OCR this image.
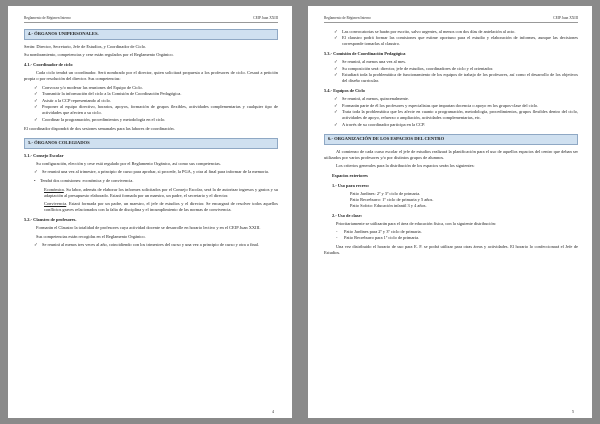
Reglamento de Régimen Interno	CEIP Juan XXIII
4.- ÓRGANOS UNIPERSONALES.
Serán: Director, Secretario, Jefe de Estudios, y Coordinador de Ciclo.
Su nombramiento, competencias y cese están regulados por el Reglamento Orgánico.
4.1.- Coordinador de ciclo
Cada ciclo tendrá un coordinador. Será nombrado por el director, quien solicitará propuesta a los profesores de ciclo. Cesará a petición propia o por resolución del director. Sus competencias:
✓ Convocar y/o moderar las reuniones del Equipo de Ciclo.
✓ Transmitir la información del ciclo a la Comisión de Coordinación Pedagógica.
✓ Asistir a la CCP representando al ciclo.
✓ Proponer al equipo directivo, horarios, apoyos, formación de grupos flexibles, actividades complementarias y cualquier tipo de actividades que afecten a su ciclo.
✓ Coordinar la programación, procedimientos y metodología en el ciclo.
El coordinador dispondrá de dos sesiones semanales para las labores de coordinación.
5.- ÓRGANOS COLEGIADOS
5.1.- Consejo Escolar
Su configuración, elección y cese está regulado por el Reglamento Orgánico, así como sus competencias.
✓ Se reunirá una vez al trimestre, a principio de curso para aprobar, si procede, la PGA, y otra al final para informar de la memoria.
• Tendrá dos comisiones: económica y de convivencia.
Económica. Su labor, además de elaborar los informes solicitados por el Consejo Escolar, será la de autorizar ingresos y gastos y su adaptación al presupuesto elaborado. Estará formada por un maestro, un padre, el secretario y el director.
Convivencia. Estará formada por un padre, un maestro, el jefe de estudios y el director. Se encargará de resolver todos aquellos conflictos graves relacionados con la falta de disciplina y el incumplimiento de las normas de convivencia.
5.2.- Claustro de profesores.
Formarán el Claustro la totalidad de profesores cuya actividad docente se desarrolle en horario lectivo y en el CEIP Juan XXIII.
Sus competencias están recogidas en el Reglamento Orgánico.
✓ Se reunirá al menos tres veces al año, coincidiendo con los trimestres del curso y una vez a principio de curso y otra a final.
4
Reglamento de Régimen Interno	CEIP Juan XXIII
✓ Las convocatorias se harán por escrito, salvo urgentes, al menos con dos días de antelación al acto.
✓ El claustro podrá formar las comisiones que estime oportuno para el estudio y elaboración de informes, aunque las decisiones corresponde tomarlas al claustro.
5.3.- Comisión de Coordinación Pedagógica
✓ Se reunirá, al menos una vez al mes.
✓ Su composición será: director, jefe de estudios, coordinadores de ciclo y el orientador.
✓ Estudiará toda la problemática de funcionamiento de los equipos de trabajo de los profesores, así como el desarrollo de los objetivos del diseño curricular.
5.4.- Equipos de Ciclo
✓ Se reunirá, al menos, quincenalmente.
✓ Formarán parte de él los profesores y especialistas que impartan docencia o apoyo en los grupos-clase del ciclo.
✓ Trata toda la problemática que les afecte en cuanto a programación, metodología, procedimientos, grupos flexibles dentro del ciclo, actividades de apoyo, refuerzo o ampliación, actividades complementarias, etc.
✓ A través de su coordinador participa en la CCP.
6.- ORGANIZACIÓN DE LOS ESPACIOS DEL CENTRO
Al comienzo de cada curso escolar el jefe de estudios realizará la planificación para el uso de aquellos espacios del centro que deban ser utilizados por varios profesores y/o por distintos grupos de alumnos.
Los criterios generales para la distribución de los espacios serán los siguientes:
Espacios exteriores
1.- Uso para recreo:
Patio Jardines: 2º y 3º ciclo de primaria.
Patio Recreburro: 1º ciclo de primaria y 5 años.
Patio Sofoto: Educación infantil 3 y 4 años.
2.- Uso de clase:
Prioritariamente se utilizarán para el área de educación física, con la siguiente distribución:
- Patio Jardines para 2º y 3º ciclo de primaria.
- Patio Recreburro para 1º ciclo de primaria.
Una vez distribuido el horario de uso para E. F. se podrá utilizar para otras áreas y actividades. El horario lo confeccionará el Jefe de Estudios.
5
